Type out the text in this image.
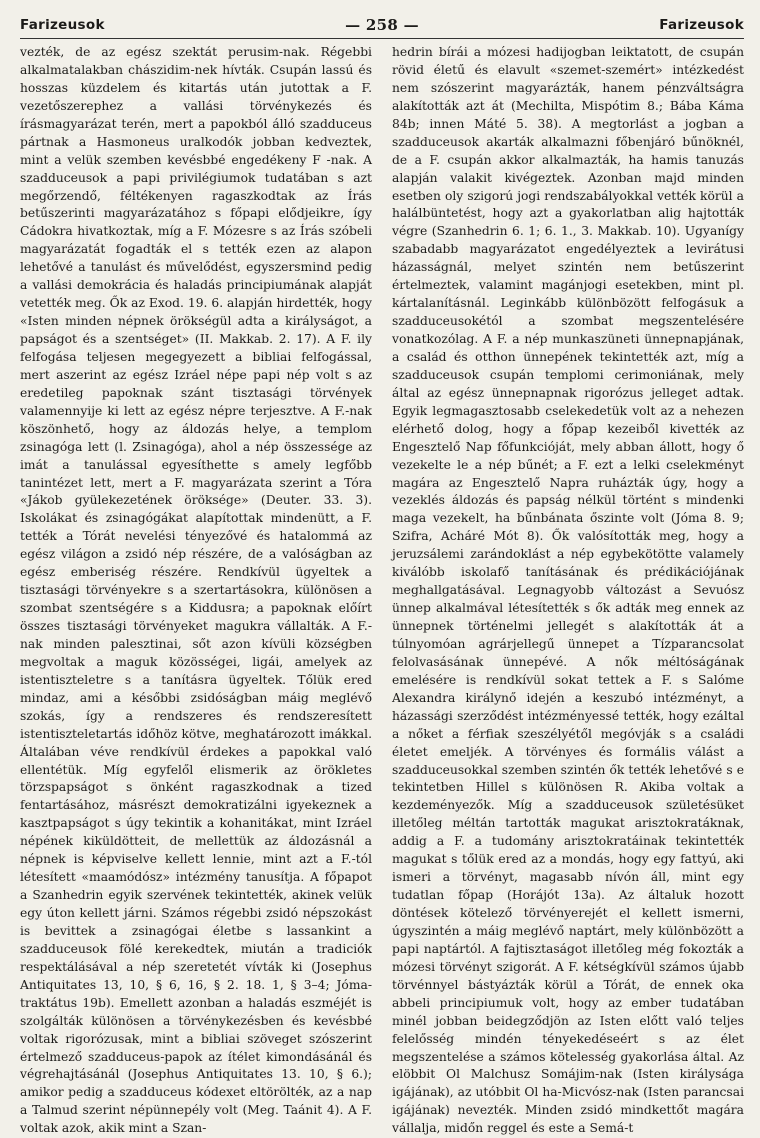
Farizeusok	— 258 —	Farizeusok

vezték, de az egész szektát perusim-nak. Régebbi alkalmatalakban chászidim-nek hívták. Csupán lassú és hosszas küzdelem és kitartás után jutottak a F. vezetőszerephez a vallási törvénykezés és írásmagyarázat terén, mert a papokból álló szadduceus pártnak a Hasmoneus uralkodók jobban kedveztek, mint a velük szemben kevésbbé engedékeny F -nak. A szadduceusok a papi privilégiumok tudatában s azt megőrzendő, féltékenyen ragaszkodtak az Írás betűszerinti magyarázatához s főpapi elődjeikre, így Cádokra hivatkoztak, míg a F. Mózesre s az Írás szóbeli magyarázatát fogadták el s tették ezen az alapon lehetővé a tanulást és művelődést, egyszersmind pedig a vallási demokrácia és haladás principiumának alapját vetették meg. Ők az Exod. 19. 6. alapján hirdették, hogy «Isten minden népnek örökségül adta a királyságot, a papságot és a szentséget» (II. Makkab. 2. 17). A F. ily felfogása teljesen megegyezett a bibliai felfogással, mert aszerint az egész Izráel népe papi nép volt s az eredetileg papoknak szánt tisztasági törvények valamennyije ki lett az egész népre terjesztve. A F.-nak köszönhető, hogy az áldozás helye, a templom zsinagóga lett (l. Zsinagóga), ahol a nép összessége az imát a tanulással egyesíthette s amely legfőbb tanintézet lett, mert a F. magyarázata szerint a Tóra «Jákob gyülekezetének öröksége» (Deuter. 33. 3). Iskolákat és zsinagógákat alapítottak mindenütt, a F. tették a Tórát nevelési tényezővé és hatalommá az egész világon a zsidó nép részére, de a valóságban az egész emberiség részére. Rendkívül ügyeltek a tisztasági törvényekre s a szertartásokra, különösen a szombat szentségére s a Kiddusra; a papoknak előírt összes tisztasági törvényeket magukra vállalták. A F.-nak minden palesztinai, sőt azon kívüli községben megvoltak a maguk közösségei, ligái, amelyek az istentiszteletre s a tanításra ügyeltek. Tőlük ered mindaz, ami a későbbi zsidóságban máig meglévő szokás, így a rendszeres és rendszeresített istentiszteletartás időhöz kötve, meghatározott imákkal. Általában véve rendkívül érdekes a papokkal való ellentétük. Míg egyfelől elismerik az örökletes törzspapságot s önként ragaszkodnak a tized fentartásához, másrészt demokratizálni igyekeznek a kasztpapságot s úgy tekintik a kohanitákat, mint Izráel népének kiküldötteit, de mellettük az áldozásnál a népnek is képviselve kellett lennie, mint azt a F.-tól létesített «maamódósz» intézmény tanusítja. A főpapot a Szanhedrin egyik szervének tekintették, akinek velük egy úton kellett járni. Számos régebbi zsidó népszokást is bevittek a zsinagógai életbe s lassankint a szadduceusok fölé kerekedtek, miután a tradiciók respektálásával a nép szeretetét vívták ki (Josephus Antiquitates 13, 10, § 6, 16, § 2. 18. 1, § 3–4; Jóma-traktátus 19b). Emellett azonban a haladás eszméjét is szolgálták különösen a törvénykezésben és kevésbbé voltak rigorózusak, mint a bibliai szöveget szószerint értelmező szadduceus-papok az ítélet kimondásánál és végrehajtásánál (Josephus Antiquitates 13. 10, § 6.); amikor pedig a szadduceus kódexet eltörölték, az a nap a Talmud szerint népünnepély volt (Meg. Taánit 4). A F. voltak azok, akik mint a Szan-

hedrin bírái a mózesi hadijogban leiktatott, de csupán rövid életű és elavult «szemet-szemért» intézkedést nem szószerint magyarázták, hanem pénzváltságra alakították azt át (Mechilta, Mispótim 8.; Bába Káma 84b; innen Máté 5. 38). A megtorlást a jogban a szadduceusok akarták alkalmazni főbenjáró bűnöknél, de a F. csupán akkor alkalmazták, ha hamis tanuzás alapján valakit kivégeztek. Azonban majd minden esetben oly szigorú jogi rendszabályokkal vették körül a halálbüntetést, hogy azt a gyakorlatban alig hajtották végre (Szanhedrin 6. 1; 6. 1., 3. Makkab. 10). Ugyanígy szabadabb magyarázatot engedélyeztek a levirátusi házasságnál, melyet szintén nem betűszerint értelmeztek, valamint magánjogi esetekben, mint pl. kártalanításnál. Leginkább különbözött felfogásuk a szadduceusokétól a szombat megszentelésére vonatkozólag. A F. a nép munkaszüneti ünnepnapjának, a család és otthon ünnepének tekintették azt, míg a szadduceusok csupán templomi cerimoniának, mely által az egész ünnepnapnak rigorózus jelleget adtak. Egyik legmagasztosabb cselekedetük volt az a nehezen elérhető dolog, hogy a főpap kezeiből kivették az Engesztelő Nap főfunkcióját, mely abban állott, hogy ő vezekelte le a nép bűnét; a F. ezt a lelki cselekményt magára az Engesztelő Napra ruházták úgy, hogy a vezeklés áldozás és papság nélkül történt s mindenki maga vezekelt, ha bűnbánata őszinte volt (Jóma 8. 9; Szifra, Acháré Mót 8). Ők valósították meg, hogy a jeruzsálemi zarándoklást a nép egybekötötte valamely kiválóbb iskolafő tanításának és prédikációjának meghallgatásával. Legnagyobb változást a Sevuósz ünnep alkalmával létesítették s ők adták meg ennek az ünnepnek történelmi jellegét s alakították át a túlnyomóan agrárjellegű ünnepet a Tízparancsolat felolvasásának ünnepévé. A nők méltóságának emelésére is rendkívül sokat tettek a F. s Salóme Alexandra királynő idején a keszubó intézményt, a házassági szerződést intézményessé tették, hogy ezáltal a nőket a férfiak szeszélyétől megóvják s a családi életet emeljék. A törvényes és formális válást a szadduceusokkal szemben szintén ők tették lehetővé s e tekintetben Hillel s különösen R. Akiba voltak a kezdeményezők. Míg a szadduceusok születésüket illetőleg méltán tartották magukat arisztokratáknak, addig a F. a tudomány arisztokratáinak tekintették magukat s tőlük ered az a mondás, hogy egy fattyú, aki ismeri a törvényt, magasabb nívón áll, mint egy tudatlan főpap (Horájót 13a). Az általuk hozott döntések kötelező törvényerejét el kellett ismerni, úgyszintén a máig meglévő naptárt, mely különbözött a papi naptártól. A fajtisztaságot illetőleg még fokozták a mózesi törvényt szigorát. A F. kétségkívül számos újabb törvénnyel bástyázták körül a Tórát, de ennek oka abbeli principiumuk volt, hogy az ember tudatában minél jobban beidegződjön az Isten előtt való teljes felelősség mindén tényekedéseért s az élet megszentelése a számos kötelesség gyakorlása által. Az elöbbit Ol Malchusz Somájim-nak (Isten királysága igájának), az utóbbit Ol ha-Micvósz-nak (Isten parancsai igájának) nevezték. Minden zsidó mindkettőt magára vállalja, midőn reggel és este a Semá-t
